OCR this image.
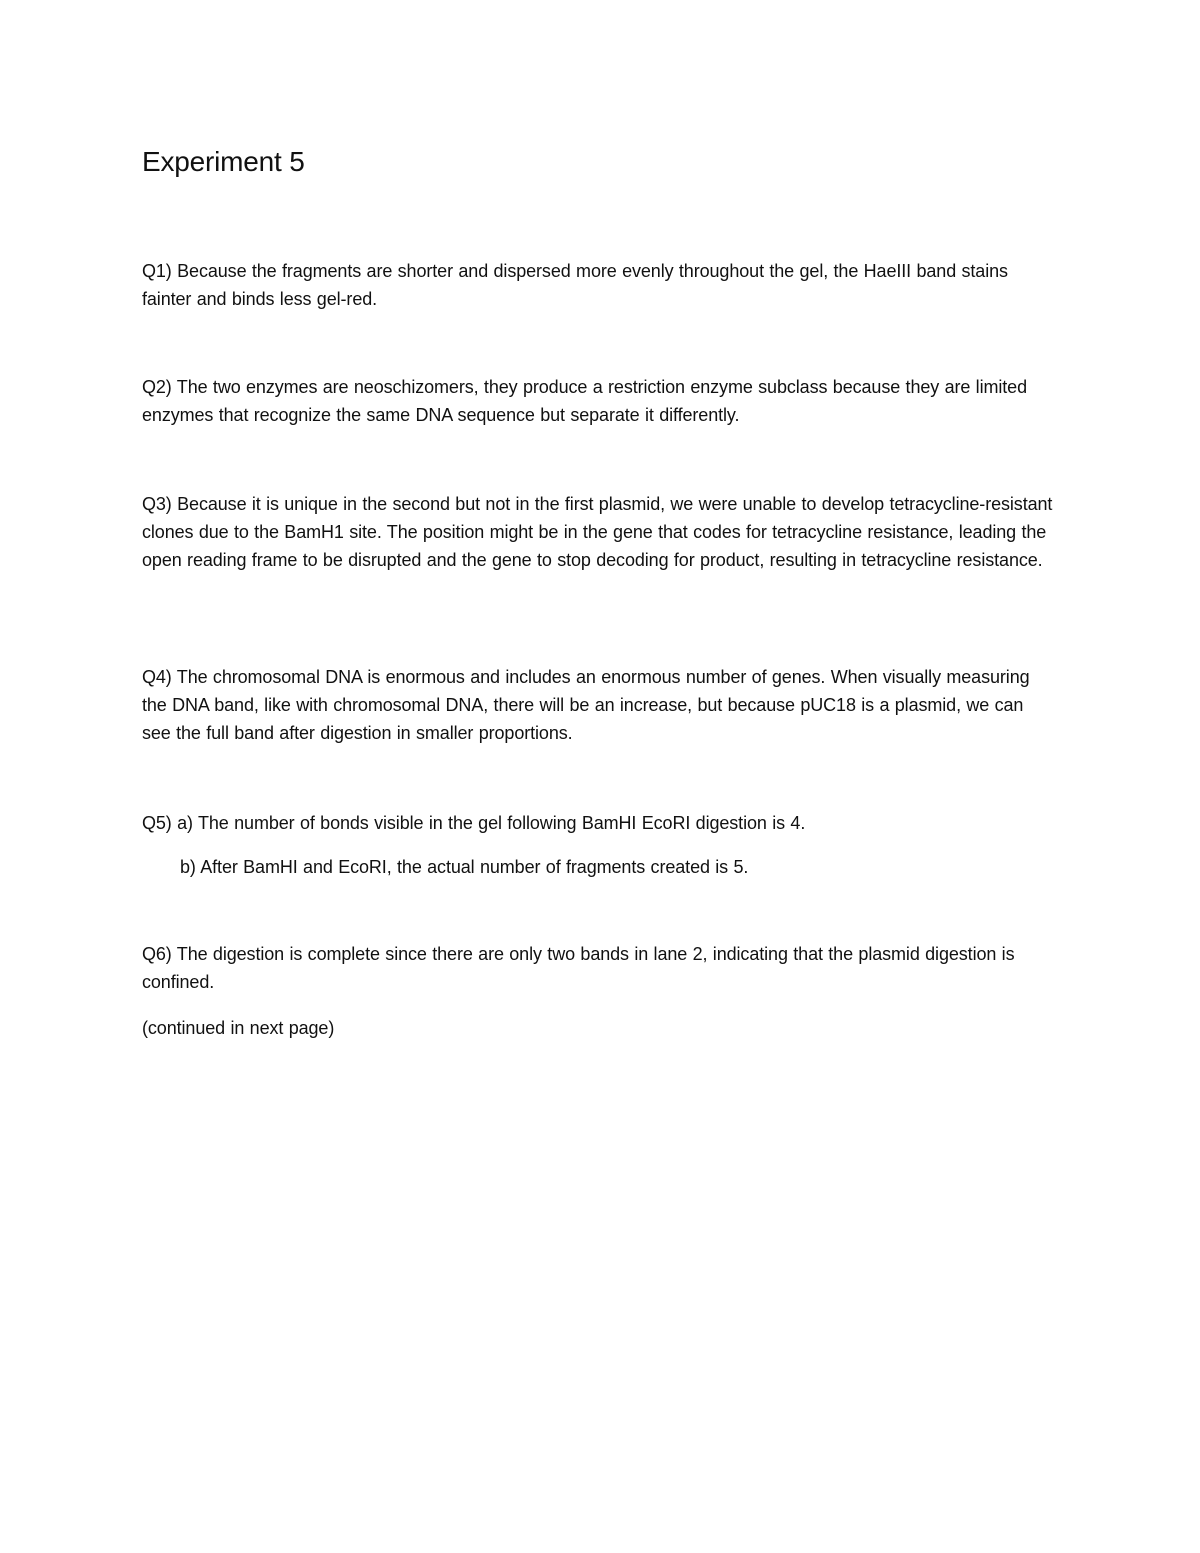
Experiment 5

Q1) Because the fragments are shorter and dispersed more evenly throughout the gel, the HaeIII band stains fainter and binds less gel-red.

Q2) The two enzymes are neoschizomers, they produce a restriction enzyme subclass because they are limited enzymes that recognize the same DNA sequence but separate it differently.

Q3) Because it is unique in the second but not in the first plasmid, we were unable to develop tetracycline-resistant clones due to the BamH1 site. The position might be in the gene that codes for tetracycline resistance, leading the open reading frame to be disrupted and the gene to stop decoding for product, resulting in tetracycline resistance.

Q4) The chromosomal DNA is enormous and includes an enormous number of genes. When visually measuring the DNA band, like with chromosomal DNA, there will be an increase, but because pUC18 is a plasmid, we can see the full band after digestion in smaller proportions.

Q5) a) The number of bonds visible in the gel following BamHI EcoRI digestion is 4.

b) After BamHI and EcoRI, the actual number of fragments created is 5.

Q6) The digestion is complete since there are only two bands in lane 2, indicating that the plasmid digestion is confined.

(continued in next page)
